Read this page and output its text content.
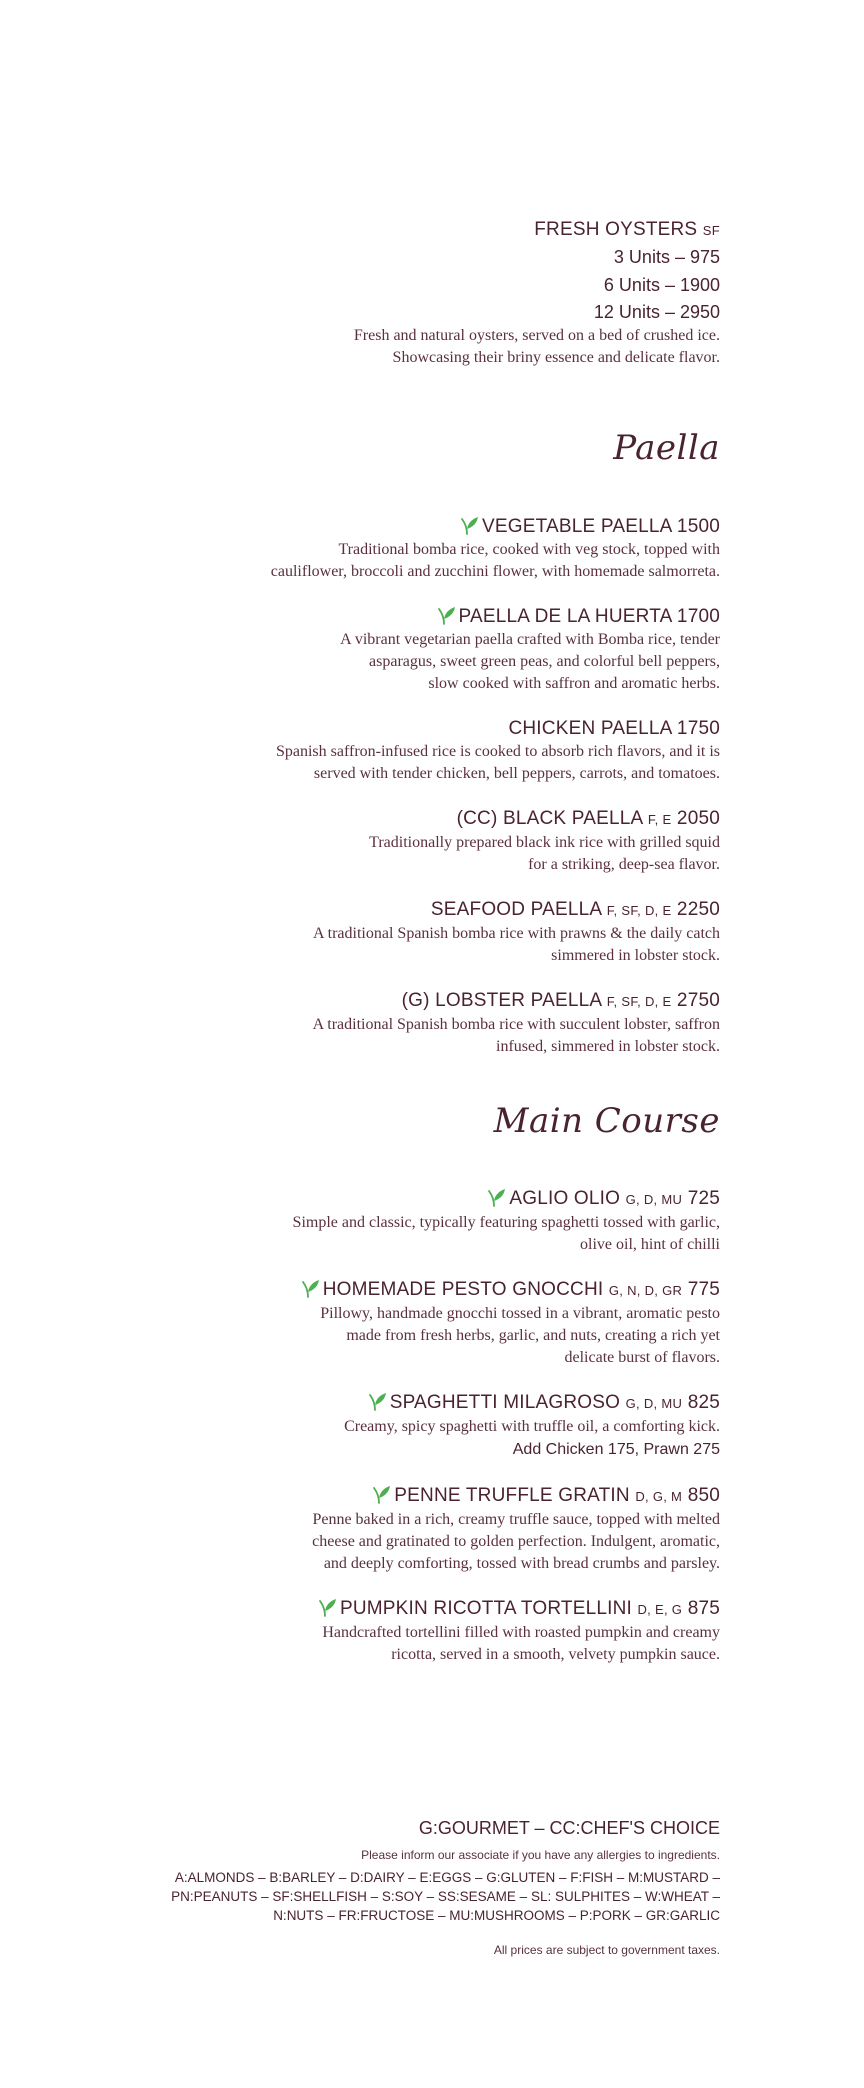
FRESH OYSTERS SF
3 Units – 975
6 Units – 1900
12 Units – 2950
Fresh and natural oysters, served on a bed of crushed ice.
Showcasing their briny essence and delicate flavor.
Paella
VEGETABLE PAELLA 1500
Traditional bomba rice, cooked with veg stock, topped with
cauliflower, broccoli and zucchini flower, with homemade salmorreta.
PAELLA DE LA HUERTA 1700
A vibrant vegetarian paella crafted with Bomba rice, tender
asparagus, sweet green peas, and colorful bell peppers,
slow cooked with saffron and aromatic herbs.
CHICKEN PAELLA 1750
Spanish saffron-infused rice is cooked to absorb rich flavors, and it is
served with tender chicken, bell peppers, carrots, and tomatoes.
(CC) BLACK PAELLA F, E 2050
Traditionally prepared black ink rice with grilled squid
for a striking, deep-sea flavor.
SEAFOOD PAELLA F, SF, D, E 2250
A traditional Spanish bomba rice with prawns & the daily catch
simmered in lobster stock.
(G) LOBSTER PAELLA F, SF, D, E 2750
A traditional Spanish bomba rice with succulent lobster, saffron
infused, simmered in lobster stock.
Main Course
AGLIO OLIO G, D, MU 725
Simple and classic, typically featuring spaghetti tossed with garlic,
olive oil, hint of chilli
HOMEMADE PESTO GNOCCHI G, N, D, GR 775
Pillowy, handmade gnocchi tossed in a vibrant, aromatic pesto
made from fresh herbs, garlic, and nuts, creating a rich yet
delicate burst of flavors.
SPAGHETTI MILAGROSO G, D, MU 825
Creamy, spicy spaghetti with truffle oil, a comforting kick.
Add Chicken 175, Prawn 275
PENNE TRUFFLE GRATIN D, G, M 850
Penne baked in a rich, creamy truffle sauce, topped with melted
cheese and gratinated to golden perfection. Indulgent, aromatic,
and deeply comforting, tossed with bread crumbs and parsley.
PUMPKIN RICOTTA TORTELLINI D, E, G 875
Handcrafted tortellini filled with roasted pumpkin and creamy
ricotta, served in a smooth, velvety pumpkin sauce.
G:GOURMET – CC:CHEF'S CHOICE
Please inform our associate if you have any allergies to ingredients.
A:ALMONDS – B:BARLEY – D:DAIRY – E:EGGS – G:GLUTEN – F:FISH – M:MUSTARD –
PN:PEANUTS – SF:SHELLFISH – S:SOY – SS:SESAME – SL: SULPHITES – W:WHEAT –
N:NUTS – FR:FRUCTOSE – MU:MUSHROOMS – P:PORK – GR:GARLIC
All prices are subject to government taxes.
